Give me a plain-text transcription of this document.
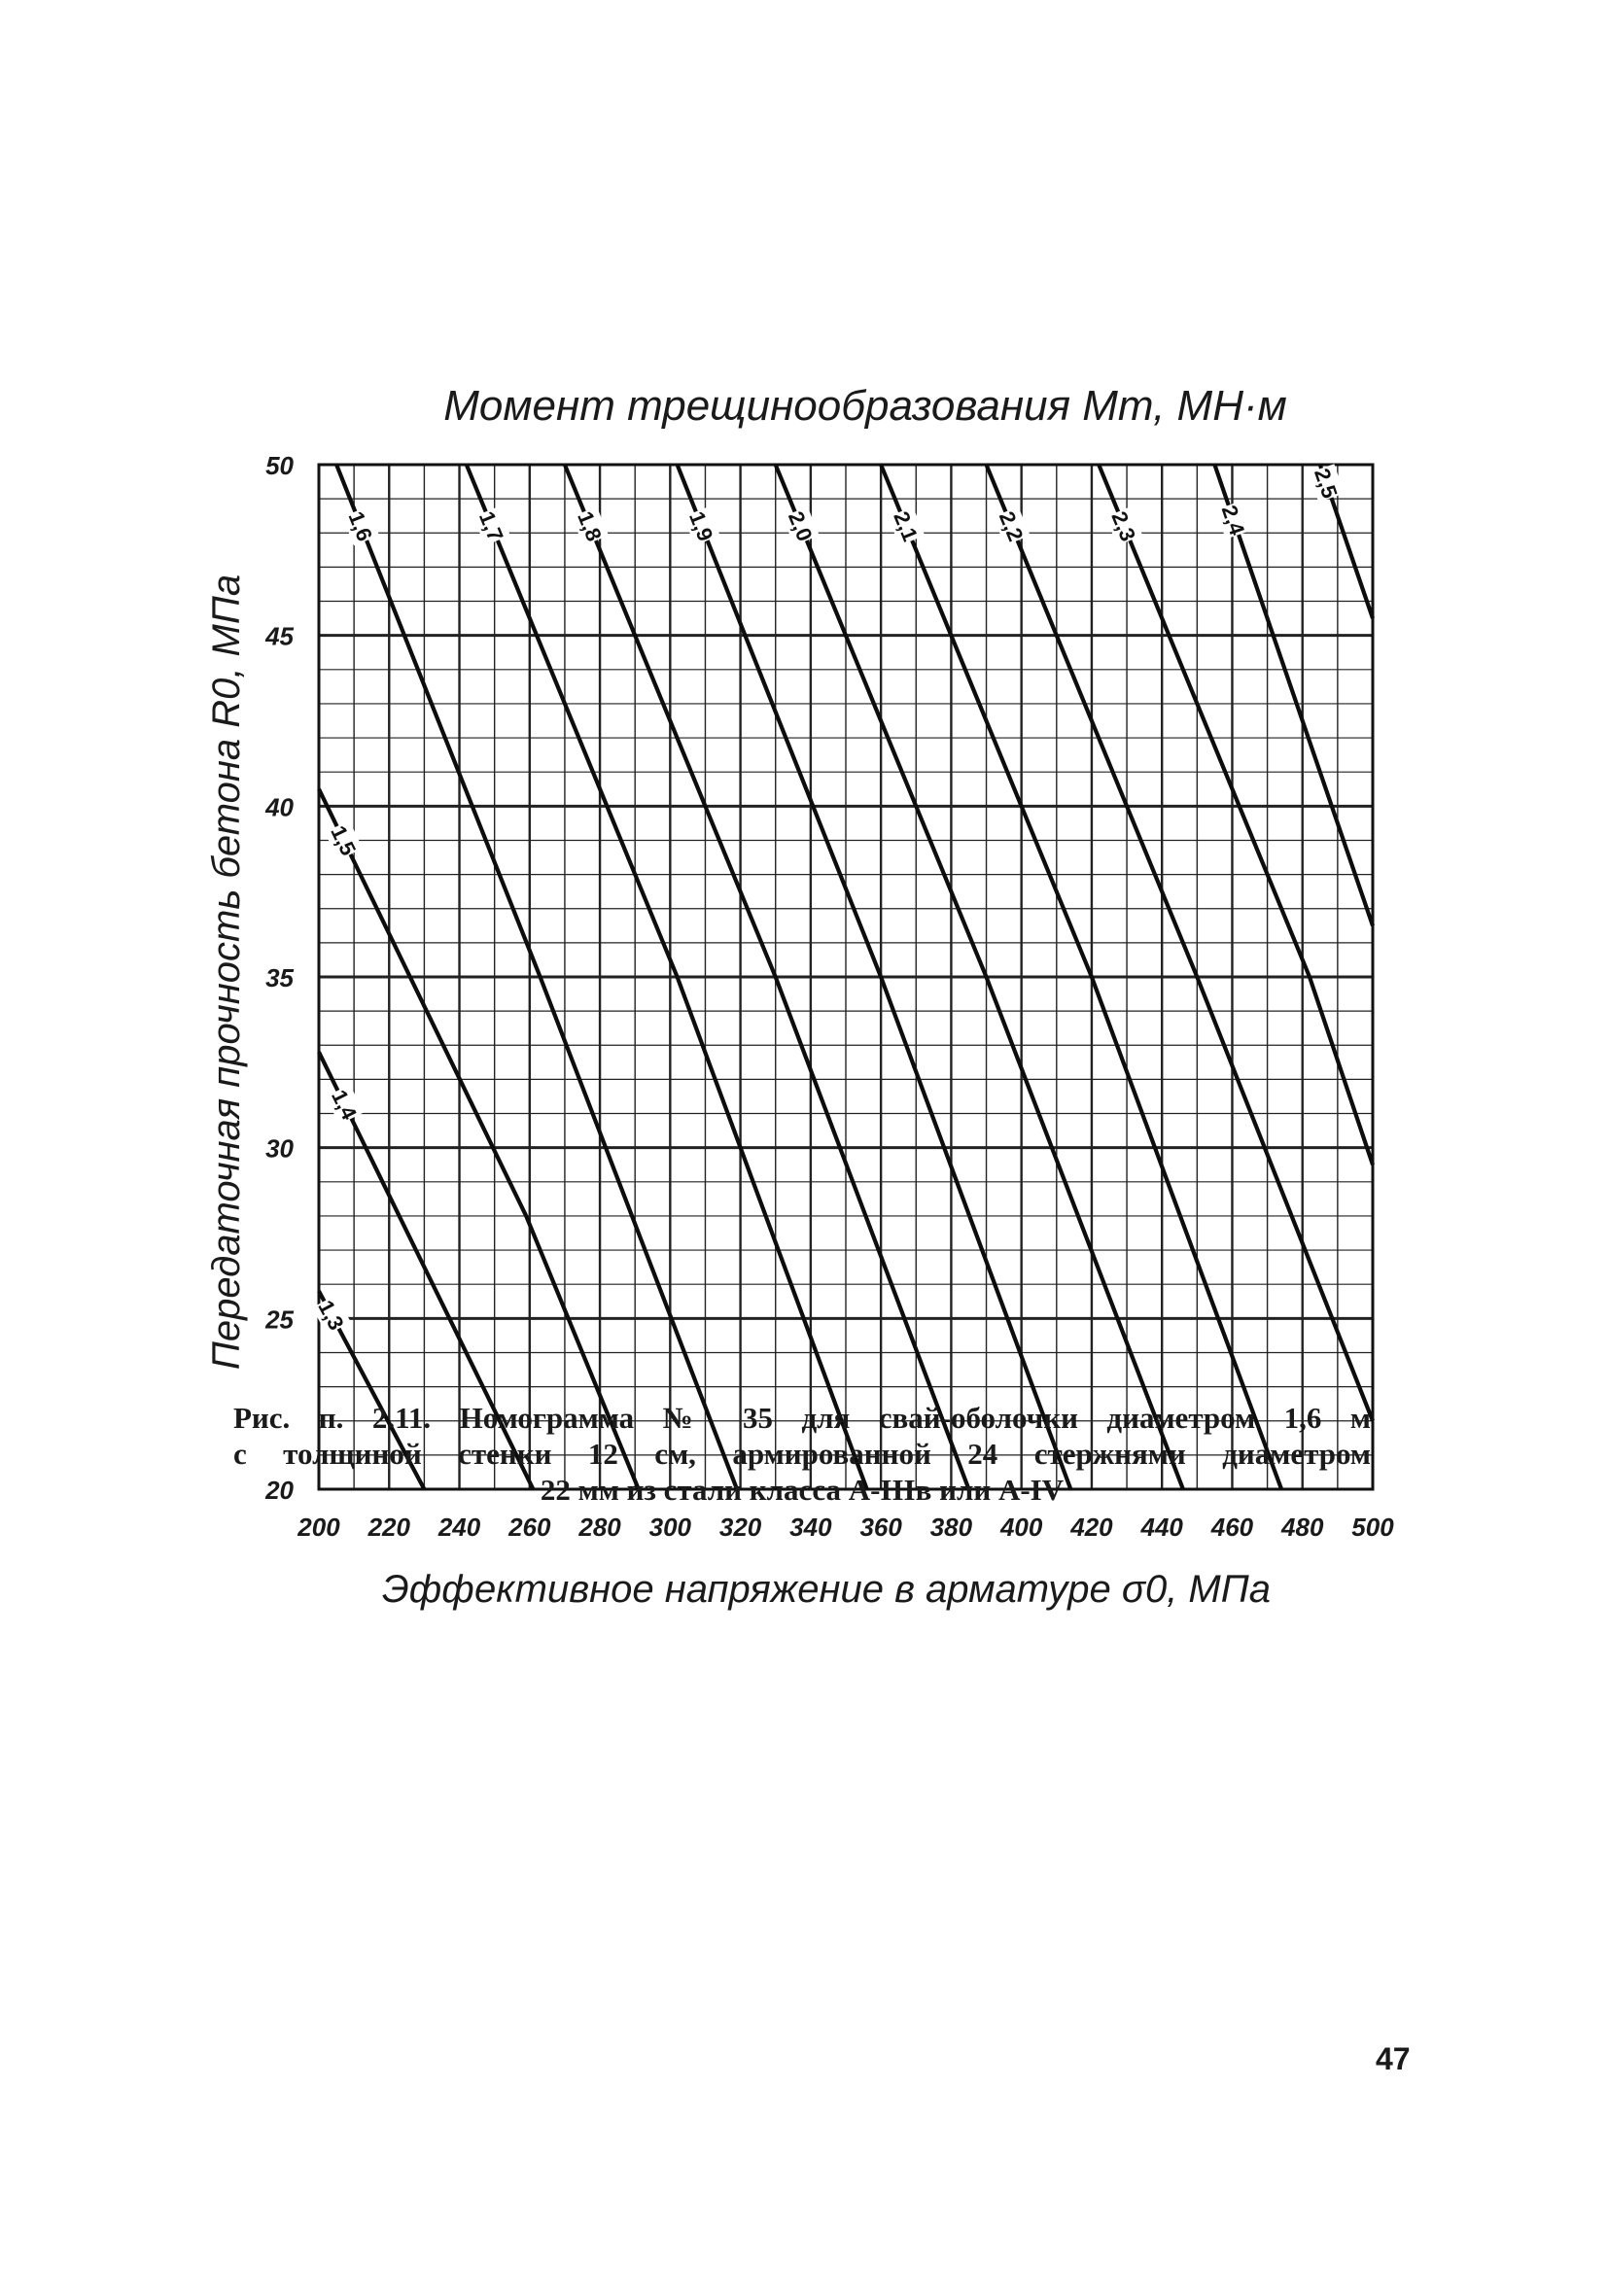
1,3
1,4
1,5
1,6	1,7	1,8	1,9	2,0	2,1	2,2	2,3	2,4
2,5
200 220 240 260 280 300 320 340 360 380 400 420 440 460 480 500
20
25
30
35
40
45
50
Момент трещинообразования Мт, МН·м
Эффективное напряжение в арматуре σ0, МПа
Передаточная прочность бетона R0, МПа
Рис. п. 2.11. Номограмма № 35 для свай-оболочки диаметром 1,6 м
с толщиной стенки 12 см, армированной 24 стержнями диаметром
22 мм из стали класса А-IIIв или А-IV
47
